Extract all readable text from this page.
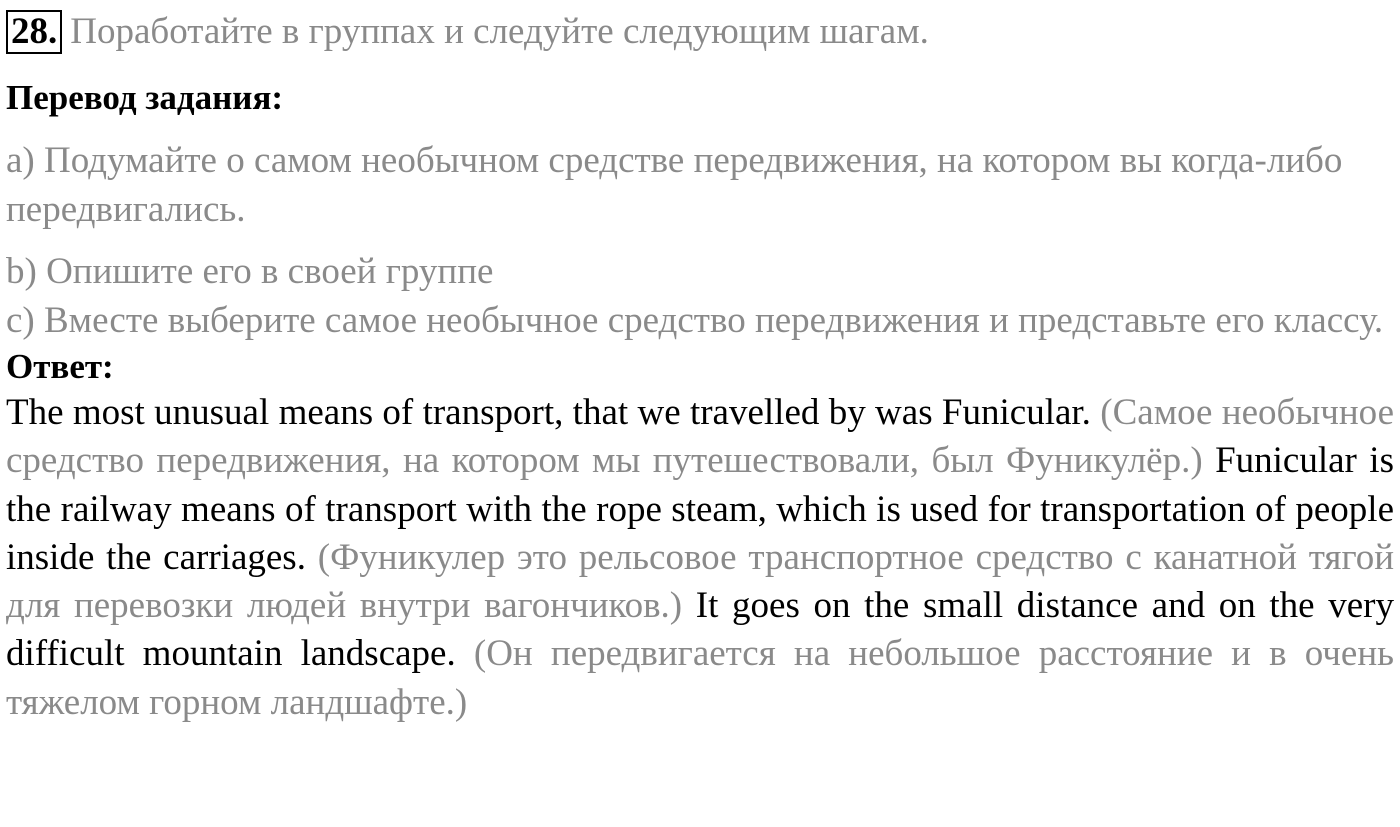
28. Поработайте в группах и следуйте следующим шагам.
Перевод задания:

а) Подумайте о самом необычном средстве передвижения, на котором вы когда-либо передвигались.

b) Опишите его в своей группе

с) Вместе выберите самое необычное средство передвижения и представьте его классу.

Ответ:

The most unusual means of transport, that we travelled by was Funicular. (Самое необычное средство передвижения, на котором мы путешествовали, был Фуникулёр.) Funicular is the railway means of transport with the rope steam, which is used for transportation of people inside the carriages. (Фуникулер это рельсовое транспортное средство с канатной тягой для перевозки людей внутри вагончиков.) It goes on the small distance and on the very difficult mountain landscape. (Он передвигается на небольшое расстояние и в очень тяжелом горном ландшафте.)
